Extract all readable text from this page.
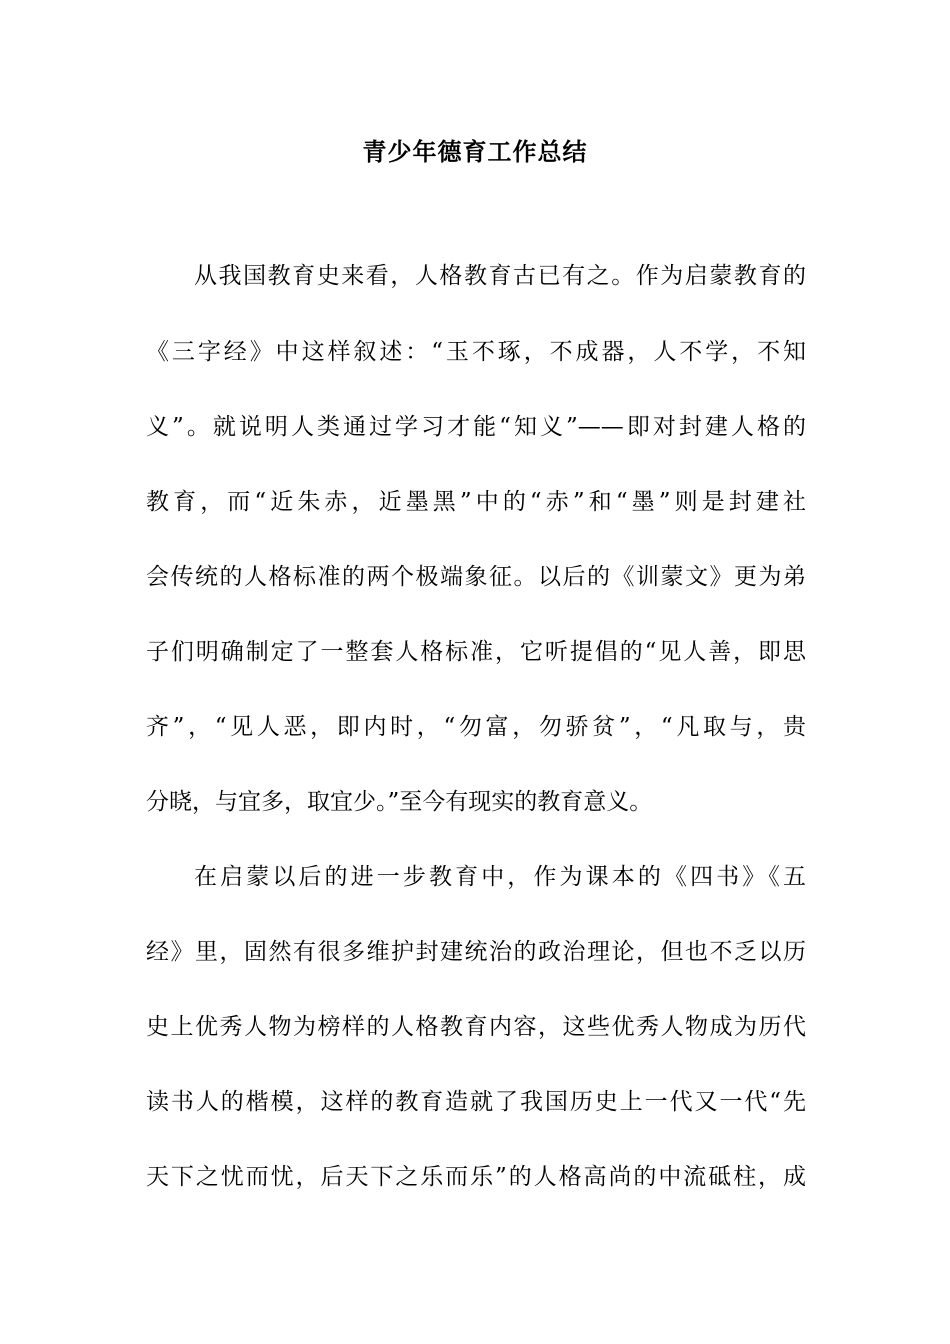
青少年德育工作总结
从我国教育史来看，人格教育古已有之。作为启蒙教育的
《三字经》中这样叙述：“玉不琢，不成器，人不学，不知
义”。就说明人类通过学习才能“知义”——即对封建人格的
教育，而“近朱赤，近墨黑”中的“赤”和“墨”则是封建社
会传统的人格标准的两个极端象征。以后的《训蒙文》更为弟
子们明确制定了一整套人格标准，它听提倡的“见人善，即思
齐”，“见人恶，即内时，“勿富，勿骄贫”，“凡取与，贵
分晓，与宜多，取宜少。”至今有现实的教育意义。
在启蒙以后的进一步教育中，作为课本的《四书》《五
经》里，固然有很多维护封建统治的政治理论，但也不乏以历
史上优秀人物为榜样的人格教育内容，这些优秀人物成为历代
读书人的楷模，这样的教育造就了我国历史上一代又一代“先
天下之忧而忧，后天下之乐而乐”的人格高尚的中流砥柱，成
